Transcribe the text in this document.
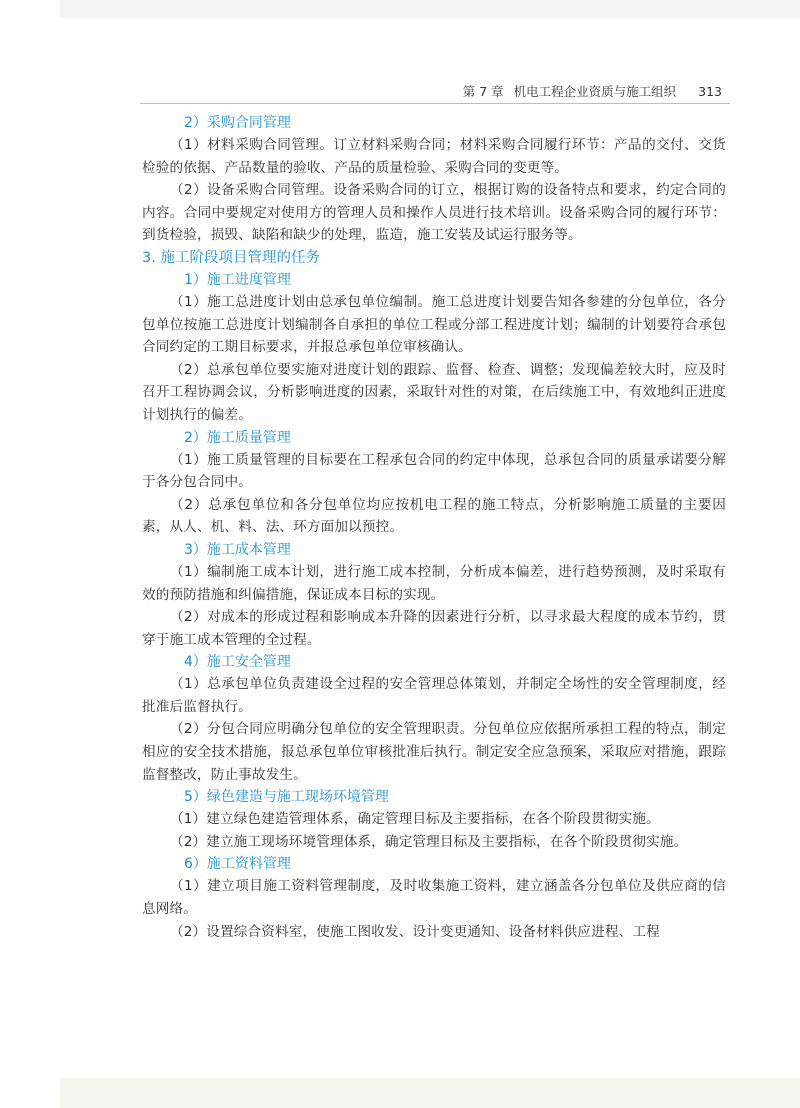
第 7 章 机电工程企业资质与施工组织 313
2）采购合同管理

（1）材料采购合同管理。订立材料采购合同；材料采购合同履行环节：产品的交付、交货检验的依据、产品数量的验收、产品的质量检验、采购合同的变更等。

（2）设备采购合同管理。设备采购合同的订立，根据订购的设备特点和要求，约定合同的内容。合同中要规定对使用方的管理人员和操作人员进行技术培训。设备采购合同的履行环节：到货检验，损毁、缺陷和缺少的处理，监造，施工安装及试运行服务等。

3. 施工阶段项目管理的任务
1）施工进度管理

（1）施工总进度计划由总承包单位编制。施工总进度计划要告知各参建的分包单位，各分包单位按施工总进度计划编制各自承担的单位工程或分部工程进度计划；编制的计划要符合承包合同约定的工期目标要求，并报总承包单位审核确认。

（2）总承包单位要实施对进度计划的跟踪、监督、检查、调整；发现偏差较大时，应及时召开工程协调会议，分析影响进度的因素，采取针对性的对策，在后续施工中，有效地纠正进度计划执行的偏差。

2）施工质量管理

（1）施工质量管理的目标要在工程承包合同的约定中体现，总承包合同的质量承诺要分解于各分包合同中。

（2）总承包单位和各分包单位均应按机电工程的施工特点，分析影响施工质量的主要因素，从人、机、料、法、环方面加以预控。

3）施工成本管理

（1）编制施工成本计划，进行施工成本控制，分析成本偏差，进行趋势预测，及时采取有效的预防措施和纠偏措施，保证成本目标的实现。

（2）对成本的形成过程和影响成本升降的因素进行分析，以寻求最大程度的成本节约，贯穿于施工成本管理的全过程。

4）施工安全管理

（1）总承包单位负责建设全过程的安全管理总体策划，并制定全场性的安全管理制度，经批准后监督执行。

（2）分包合同应明确分包单位的安全管理职责。分包单位应依据所承担工程的特点，制定相应的安全技术措施，报总承包单位审核批准后执行。制定安全应急预案，采取应对措施，跟踪监督整改，防止事故发生。

5）绿色建造与施工现场环境管理

（1）建立绿色建造管理体系，确定管理目标及主要指标，在各个阶段贯彻实施。

（2）建立施工现场环境管理体系，确定管理目标及主要指标，在各个阶段贯彻实施。

6）施工资料管理

（1）建立项目施工资料管理制度，及时收集施工资料，建立涵盖各分包单位及供应商的信息网络。

（2）设置综合资料室，使施工图收发、设计变更通知、设备材料供应进程、工程
